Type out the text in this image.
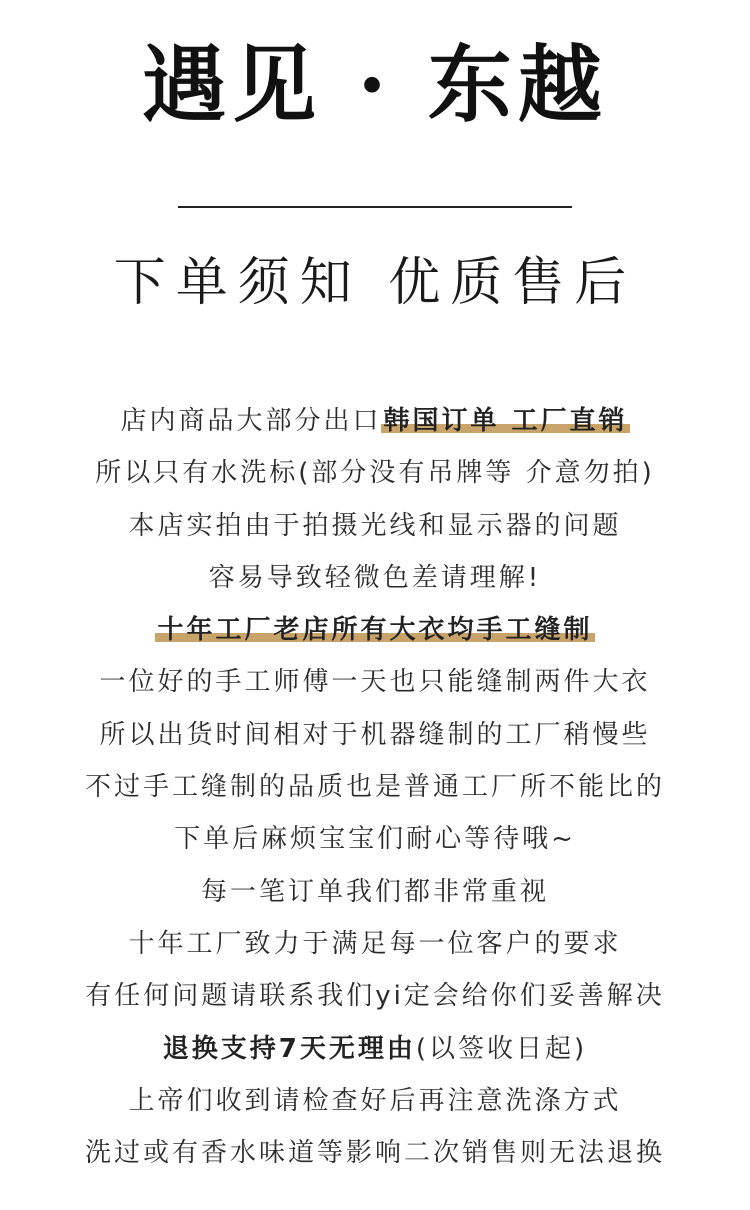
遇见 · 东越
下单须知 优质售后
店内商品大部分出口韩国订单 工厂直销
所以只有水洗标(部分没有吊牌等 介意勿拍)
本店实拍由于拍摄光线和显示器的问题
容易导致轻微色差请理解!
十年工厂老店所有大衣均手工缝制
一位好的手工师傅一天也只能缝制两件大衣
所以出货时间相对于机器缝制的工厂稍慢些
不过手工缝制的品质也是普通工厂所不能比的
下单后麻烦宝宝们耐心等待哦~
每一笔订单我们都非常重视
十年工厂致力于满足每一位客户的要求
有任何问题请联系我们yi定会给你们妥善解决
退换支持7天无理由(以签收日起)
上帝们收到请检查好后再注意洗涤方式
洗过或有香水味道等影响二次销售则无法退换
